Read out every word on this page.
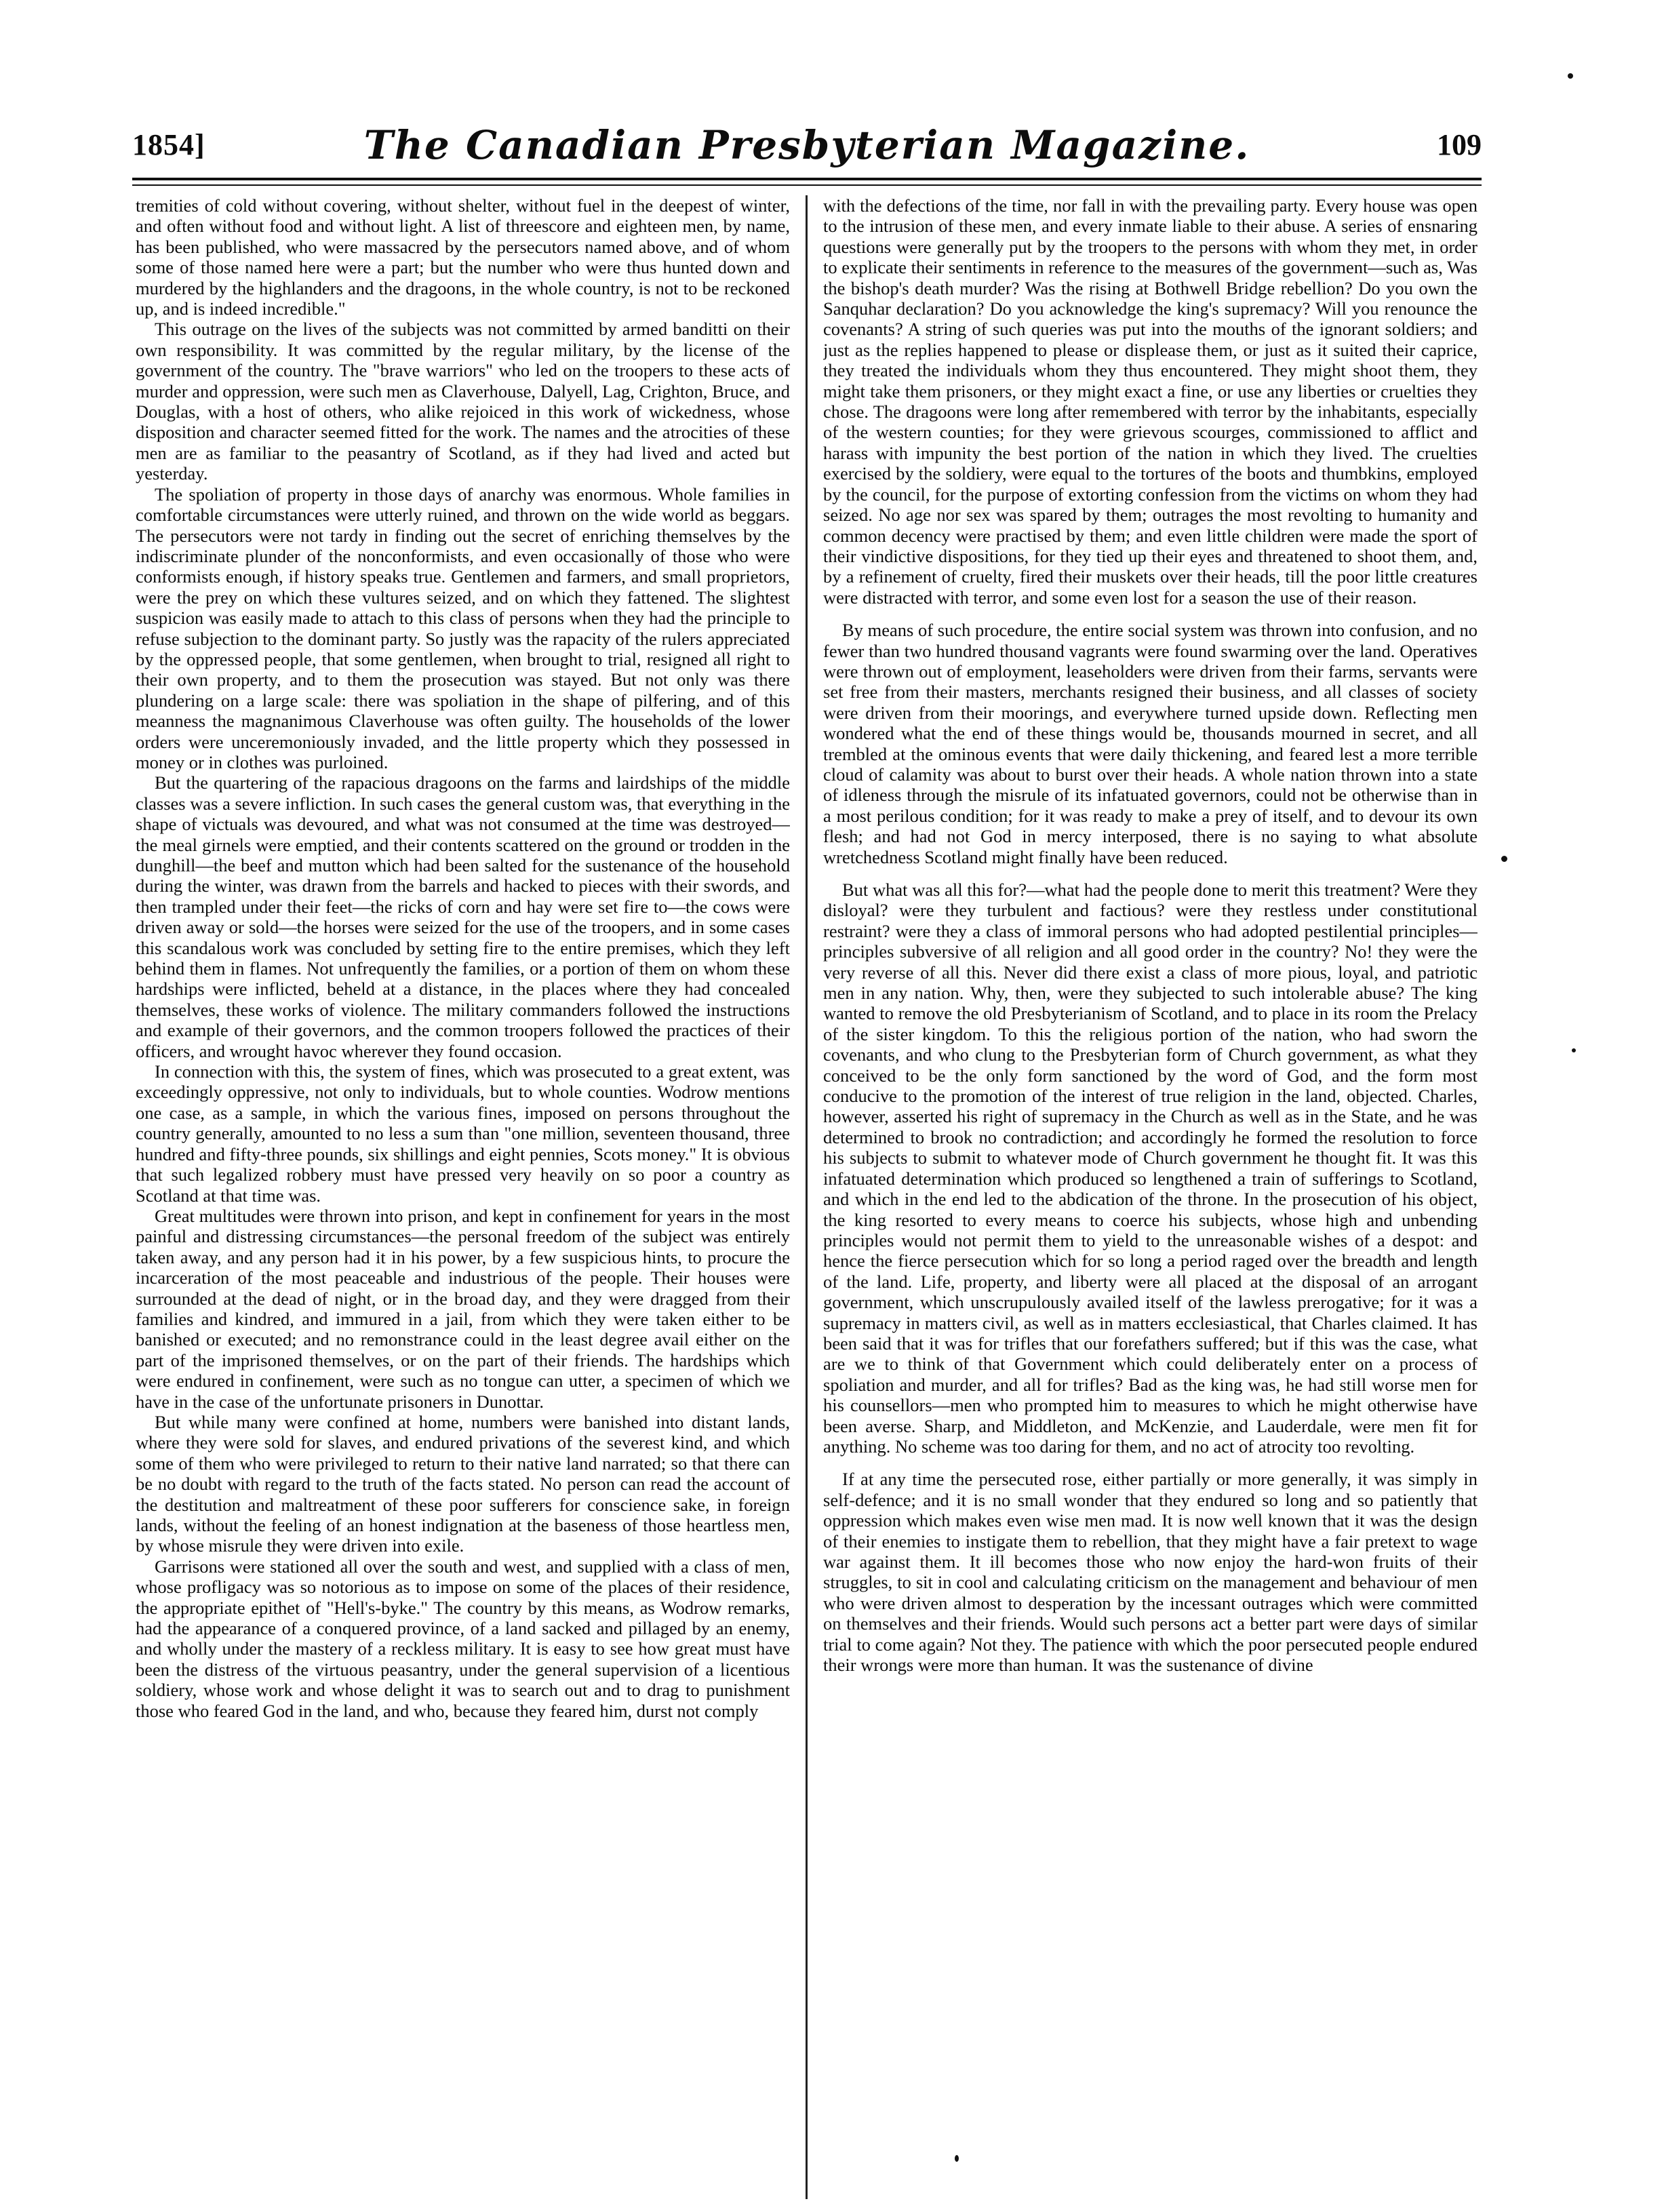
1854]	The Canadian Presbyterian Magazine.	109

tremities of cold without covering, without shelter, without fuel in the deepest of winter, and often without food and without light. A list of threescore and eighteen men, by name, has been published, who were massacred by the persecutors named above, and of whom some of those named here were a part; but the number who were thus hunted down and murdered by the highlanders and the dragoons, in the whole country, is not to be reckoned up, and is indeed incredible."

This outrage on the lives of the subjects was not committed by armed banditti on their own responsibility. It was committed by the regular military, by the license of the government of the country. The "brave warriors" who led on the troopers to these acts of murder and oppression, were such men as Claverhouse, Dalyell, Lag, Crighton, Bruce, and Douglas, with a host of others, who alike rejoiced in this work of wickedness, whose disposition and character seemed fitted for the work. The names and the atrocities of these men are as familiar to the peasantry of Scotland, as if they had lived and acted but yesterday.

The spoliation of property in those days of anarchy was enormous. Whole families in comfortable circumstances were utterly ruined, and thrown on the wide world as beggars. The persecutors were not tardy in finding out the secret of enriching themselves by the indiscriminate plunder of the nonconformists, and even occasionally of those who were conformists enough, if history speaks true. Gentlemen and farmers, and small proprietors, were the prey on which these vultures seized, and on which they fattened. The slightest suspicion was easily made to attach to this class of persons when they had the principle to refuse subjection to the dominant party. So justly was the rapacity of the rulers appreciated by the oppressed people, that some gentlemen, when brought to trial, resigned all right to their own property, and to them the prosecution was stayed. But not only was there plundering on a large scale: there was spoliation in the shape of pilfering, and of this meanness the magnanimous Claverhouse was often guilty. The households of the lower orders were unceremoniously invaded, and the little property which they possessed in money or in clothes was purloined.

But the quartering of the rapacious dragoons on the farms and lairdships of the middle classes was a severe infliction. In such cases the general custom was, that everything in the shape of victuals was devoured, and what was not consumed at the time was destroyed—the meal girnels were emptied, and their contents scattered on the ground or trodden in the dunghill—the beef and mutton which had been salted for the sustenance of the household during the winter, was drawn from the barrels and hacked to pieces with their swords, and then trampled under their feet—the ricks of corn and hay were set fire to—the cows were driven away or sold—the horses were seized for the use of the troopers, and in some cases this scandalous work was concluded by setting fire to the entire premises, which they left behind them in flames. Not unfrequently the families, or a portion of them on whom these hardships were inflicted, beheld at a distance, in the places where they had concealed themselves, these works of violence. The military commanders followed the instructions and example of their governors, and the common troopers followed the practices of their officers, and wrought havoc wherever they found occasion.

In connection with this, the system of fines, which was prosecuted to a great extent, was exceedingly oppressive, not only to individuals, but to whole counties. Wodrow mentions one case, as a sample, in which the various fines, imposed on persons throughout the country generally, amounted to no less a sum than "one million, seventeen thousand, three hundred and fifty-three pounds, six shillings and eight pennies, Scots money." It is obvious that such legalized robbery must have pressed very heavily on so poor a country as Scotland at that time was.

Great multitudes were thrown into prison, and kept in confinement for years in the most painful and distressing circumstances—the personal freedom of the subject was entirely taken away, and any person had it in his power, by a few suspicious hints, to procure the incarceration of the most peaceable and industrious of the people. Their houses were surrounded at the dead of night, or in the broad day, and they were dragged from their families and kindred, and immured in a jail, from which they were taken either to be banished or executed; and no remonstrance could in the least degree avail either on the part of the imprisoned themselves, or on the part of their friends. The hardships which were endured in confinement, were such as no tongue can utter, a specimen of which we have in the case of the unfortunate prisoners in Dunottar.

But while many were confined at home, numbers were banished into distant lands, where they were sold for slaves, and endured privations of the severest kind, and which some of them who were privileged to return to their native land narrated; so that there can be no doubt with regard to the truth of the facts stated. No person can read the account of the destitution and maltreatment of these poor sufferers for conscience sake, in foreign lands, without the feeling of an honest indignation at the baseness of those heartless men, by whose misrule they were driven into exile.

Garrisons were stationed all over the south and west, and supplied with a class of men, whose profligacy was so notorious as to impose on some of the places of their residence, the appropriate epithet of "Hell's-byke." The country by this means, as Wodrow remarks, had the appearance of a conquered province, of a land sacked and pillaged by an enemy, and wholly under the mastery of a reckless military. It is easy to see how great must have been the distress of the virtuous peasantry, under the general supervision of a licentious soldiery, whose work and whose delight it was to search out and to drag to punishment those who feared God in the land, and who, because they feared him, durst not comply

with the defections of the time, nor fall in with the prevailing party. Every house was open to the intrusion of these men, and every inmate liable to their abuse. A series of ensnaring questions were generally put by the troopers to the persons with whom they met, in order to explicate their sentiments in reference to the measures of the government—such as, Was the bishop's death murder? Was the rising at Bothwell Bridge rebellion? Do you own the Sanquhar declaration? Do you acknowledge the king's supremacy? Will you renounce the covenants? A string of such queries was put into the mouths of the ignorant soldiers; and just as the replies happened to please or displease them, or just as it suited their caprice, they treated the individuals whom they thus encountered. They might shoot them, they might take them prisoners, or they might exact a fine, or use any liberties or cruelties they chose. The dragoons were long after remembered with terror by the inhabitants, especially of the western counties; for they were grievous scourges, commissioned to afflict and harass with impunity the best portion of the nation in which they lived. The cruelties exercised by the soldiery, were equal to the tortures of the boots and thumbkins, employed by the council, for the purpose of extorting confession from the victims on whom they had seized. No age nor sex was spared by them; outrages the most revolting to humanity and common decency were practised by them; and even little children were made the sport of their vindictive dispositions, for they tied up their eyes and threatened to shoot them, and, by a refinement of cruelty, fired their muskets over their heads, till the poor little creatures were distracted with terror, and some even lost for a season the use of their reason.

By means of such procedure, the entire social system was thrown into confusion, and no fewer than two hundred thousand vagrants were found swarming over the land. Operatives were thrown out of employment, leaseholders were driven from their farms, servants were set free from their masters, merchants resigned their business, and all classes of society were driven from their moorings, and everywhere turned upside down. Reflecting men wondered what the end of these things would be, thousands mourned in secret, and all trembled at the ominous events that were daily thickening, and feared lest a more terrible cloud of calamity was about to burst over their heads. A whole nation thrown into a state of idleness through the misrule of its infatuated governors, could not be otherwise than in a most perilous condition; for it was ready to make a prey of itself, and to devour its own flesh; and had not God in mercy interposed, there is no saying to what absolute wretchedness Scotland might finally have been reduced.

But what was all this for?—what had the people done to merit this treatment? Were they disloyal? were they turbulent and factious? were they restless under constitutional restraint? were they a class of immoral persons who had adopted pestilential principles—principles subversive of all religion and all good order in the country? No! they were the very reverse of all this. Never did there exist a class of more pious, loyal, and patriotic men in any nation. Why, then, were they subjected to such intolerable abuse? The king wanted to remove the old Presbyterianism of Scotland, and to place in its room the Prelacy of the sister kingdom. To this the religious portion of the nation, who had sworn the covenants, and who clung to the Presbyterian form of Church government, as what they conceived to be the only form sanctioned by the word of God, and the form most conducive to the promotion of the interest of true religion in the land, objected. Charles, however, asserted his right of supremacy in the Church as well as in the State, and he was determined to brook no contradiction; and accordingly he formed the resolution to force his subjects to submit to whatever mode of Church government he thought fit. It was this infatuated determination which produced so lengthened a train of sufferings to Scotland, and which in the end led to the abdication of the throne. In the prosecution of his object, the king resorted to every means to coerce his subjects, whose high and unbending principles would not permit them to yield to the unreasonable wishes of a despot: and hence the fierce persecution which for so long a period raged over the breadth and length of the land. Life, property, and liberty were all placed at the disposal of an arrogant government, which unscrupulously availed itself of the lawless prerogative; for it was a supremacy in matters civil, as well as in matters ecclesiastical, that Charles claimed. It has been said that it was for trifles that our forefathers suffered; but if this was the case, what are we to think of that Government which could deliberately enter on a process of spoliation and murder, and all for trifles? Bad as the king was, he had still worse men for his counsellors—men who prompted him to measures to which he might otherwise have been averse. Sharp, and Middleton, and McKenzie, and Lauderdale, were men fit for anything. No scheme was too daring for them, and no act of atrocity too revolting.

If at any time the persecuted rose, either partially or more generally, it was simply in self-defence; and it is no small wonder that they endured so long and so patiently that oppression which makes even wise men mad. It is now well known that it was the design of their enemies to instigate them to rebellion, that they might have a fair pretext to wage war against them. It ill becomes those who now enjoy the hard-won fruits of their struggles, to sit in cool and calculating criticism on the management and behaviour of men who were driven almost to desperation by the incessant outrages which were committed on themselves and their friends. Would such persons act a better part were days of similar trial to come again? Not they. The patience with which the poor persecuted people endured their wrongs were more than human. It was the sustenance of divine
